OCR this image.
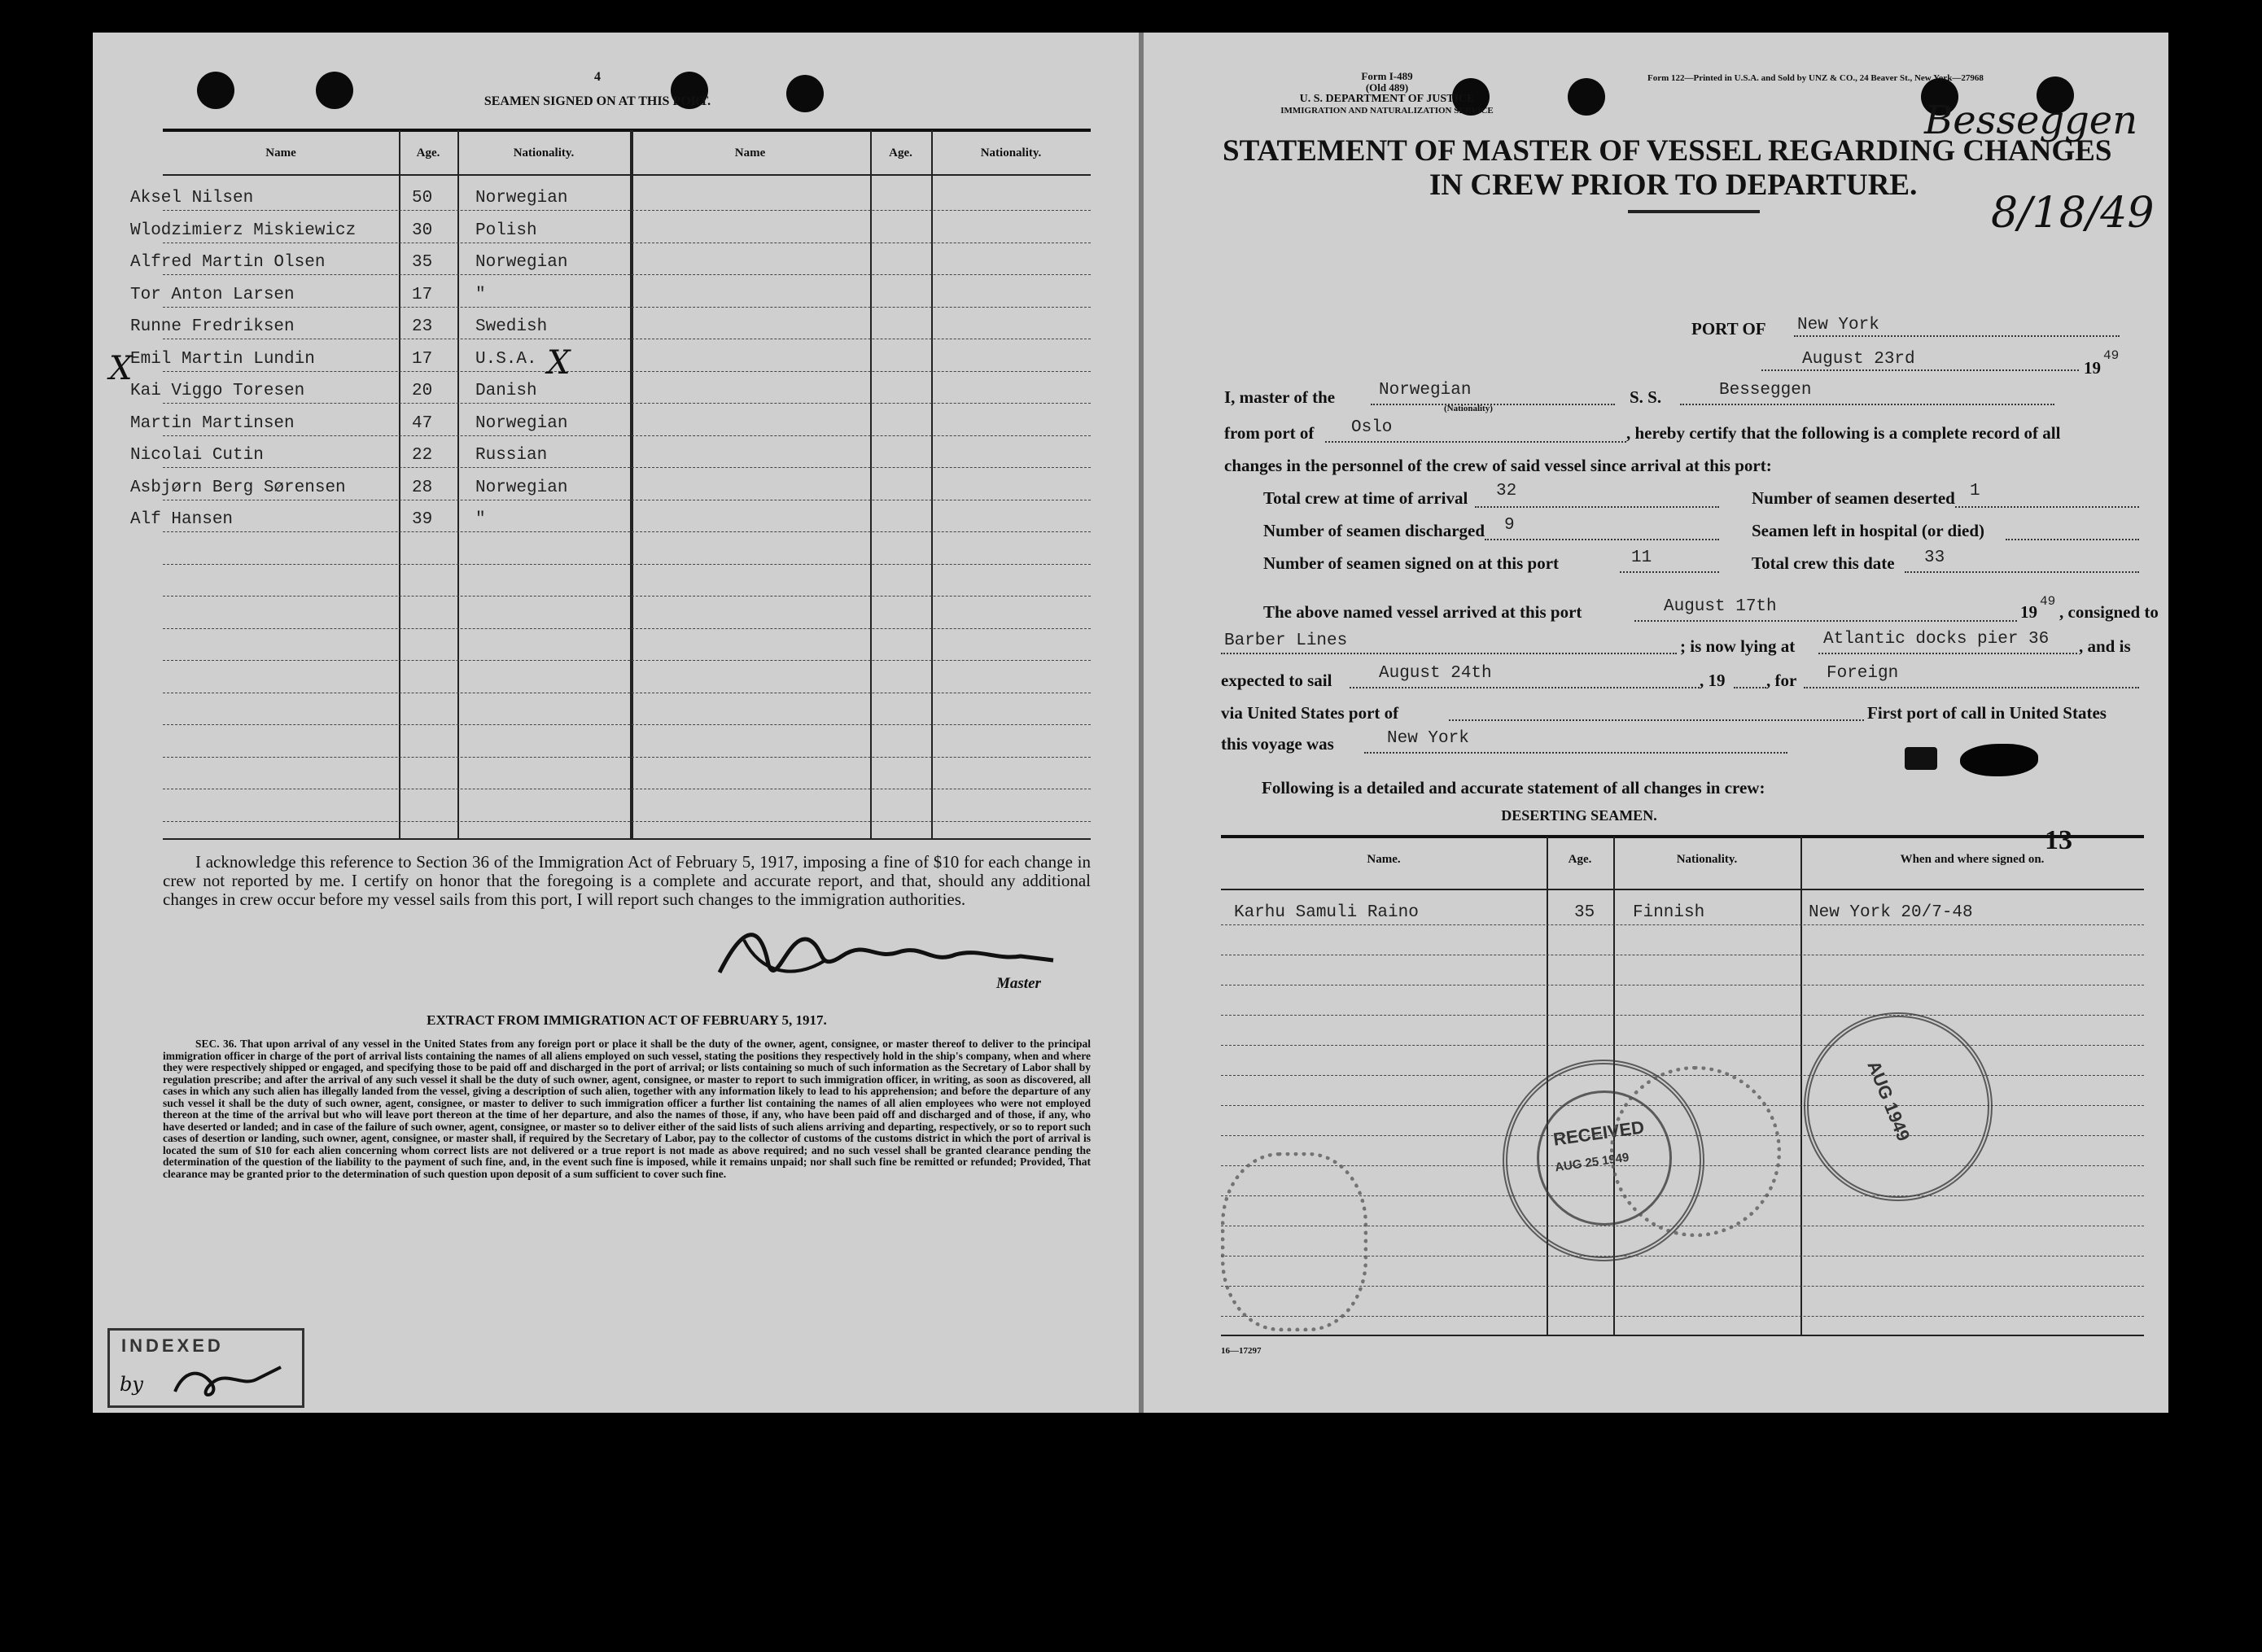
4
SEAMEN SIGNED ON AT THIS PORT.
Name	Age.	Nationality.	Name	Age.	Nationality.
Aksel Nilsen	50	Norwegian
Wlodzimierz Miskiewicz	30	Polish
Alfred Martin Olsen	35	Norwegian
Tor Anton Larsen	17	"
Runne Fredriksen	23	Swedish
Emil Martin Lundin	17	U.S.A.
Kai Viggo Toresen	20	Danish
Martin Martinsen	47	Norwegian
Nicolai Cutin	22	Russian
Asbjørn Berg Sørensen	28	Norwegian
Alf Hansen	39	"
X	X
I acknowledge this reference to Section 36 of the Immigration Act of February 5, 1917, imposing a fine of $10 for each change in crew not reported by me. I certify on honor that the foregoing is a complete and accurate report, and that, should any additional changes in crew occur before my vessel sails from this port, I will report such changes to the immigration authorities.
Master
EXTRACT FROM IMMIGRATION ACT OF FEBRUARY 5, 1917.
SEC. 36. That upon arrival of any vessel in the United States from any foreign port or place it shall be the duty of the owner, agent, consignee, or master thereof to deliver to the principal immigration officer in charge of the port of arrival lists containing the names of all aliens employed on such vessel, stating the positions they respectively hold in the ship's company, when and where they were respectively shipped or engaged, and specifying those to be paid off and discharged in the port of arrival; or lists containing so much of such information as the Secretary of Labor shall by regulation prescribe; and after the arrival of any such vessel it shall be the duty of such owner, agent, consignee, or master to report to such immigration officer, in writing, as soon as discovered, all cases in which any such alien has illegally landed from the vessel, giving a description of such alien, together with any information likely to lead to his apprehension; and before the departure of any such vessel it shall be the duty of such owner, agent, consignee, or master to deliver to such immigration officer a further list containing the names of all alien employees who were not employed thereon at the time of the arrival but who will leave port thereon at the time of her departure, and also the names of those, if any, who have been paid off and discharged and of those, if any, who have deserted or landed; and in case of the failure of such owner, agent, consignee, or master so to deliver either of the said lists of such aliens arriving and departing, respectively, or so to report such cases of desertion or landing, such owner, agent, consignee, or master shall, if required by the Secretary of Labor, pay to the collector of customs of the customs district in which the port of arrival is located the sum of $10 for each alien concerning whom correct lists are not delivered or a true report is not made as above required; and no such vessel shall be granted clearance pending the determination of the question of the liability to the payment of such fine, and, in the event such fine is imposed, while it remains unpaid; nor shall such fine be remitted or refunded; Provided, That clearance may be granted prior to the determination of such question upon deposit of a sum sufficient to cover such fine.
INDEXED
by
Form I-489
(Old 489)
U. S. DEPARTMENT OF JUSTICE
IMMIGRATION AND NATURALIZATION SERVICE
Form 122—Printed in U.S.A. and Sold by UNZ & CO., 24 Beaver St., New York—27968
STATEMENT OF MASTER OF VESSEL REGARDING CHANGES
IN CREW PRIOR TO DEPARTURE.
Besseggen
8/18/49
PORT OF New York
August 23rd	19
49
I, master of the	Norwegian
(Nationality)
S. S.	Besseggen
from port of Oslo	, hereby certify that the following is a complete record of all
changes in the personnel of the crew of said vessel since arrival at this port:
Total crew at time of arrival 32	Number of seamen deserted 1
Number of seamen discharged 9	Seamen left in hospital (or died)
Number of seamen signed on at this port	11	Total crew this date 33
The above named vessel arrived at this port	August 17th	19
49
, consigned to
Barber Lines	; is now lying at Atlantic docks pier 36 , and is
expected to sail	August 24th	, 19 , for Foreign
via United States port of	First port of call in United States
this voyage was	New York
Following is a detailed and accurate statement of all changes in crew:
DESERTING SEAMEN.
13
Name.	Age.	Nationality.	When and where signed on.
Karhu Samuli Raino	35 Finnish	New York 20/7-48
RECEIVED
AUG 25 1949
AUG 1949
16—17297
